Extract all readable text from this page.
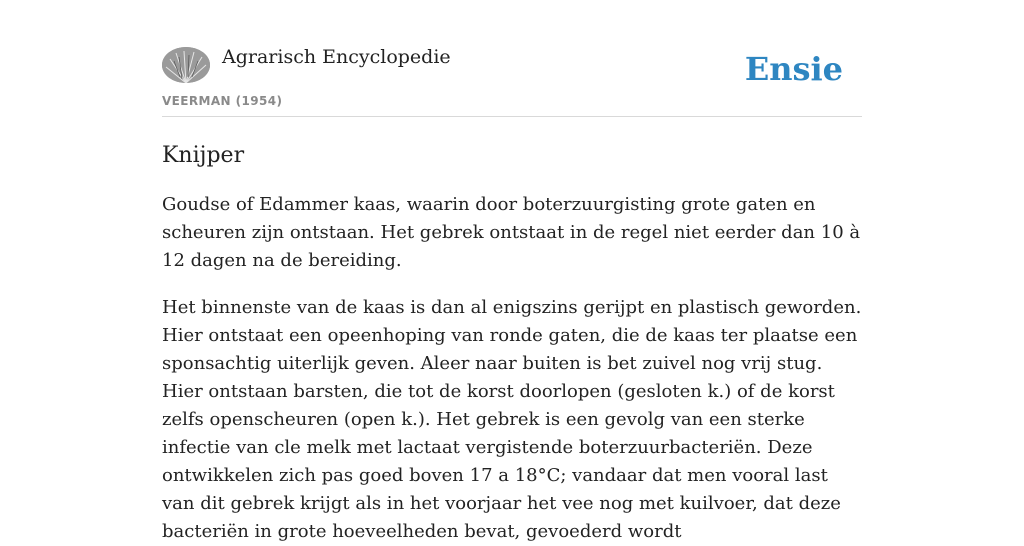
Agrarisch Encyclopedie
VEERMAN (1954)
Ensie
Knijper

Goudse of Edammer kaas, waarin door boterzuurgisting grote gaten en scheuren zijn ontstaan. Het gebrek ontstaat in de regel niet eerder dan 10 à 12 dagen na de bereiding.

Het binnenste van de kaas is dan al enigszins gerijpt en plastisch geworden. Hier ontstaat een opeenhoping van ronde gaten, die de kaas ter plaatse een sponsachtig uiterlijk geven. Aleer naar buiten is bet zuivel nog vrij stug. Hier ontstaan barsten, die tot de korst doorlopen (gesloten k.) of de korst zelfs openscheuren (open k.). Het gebrek is een gevolg van een sterke infectie van cle melk met lactaat vergistende boterzuurbacteriën. Deze ontwikkelen zich pas goed boven 17 a 18°C; vandaar dat men vooral last van dit gebrek krijgt als in het voorjaar het vee nog met kuilvoer, dat deze bacteriën in grote hoeveelheden bevat, gevoederd wordt
